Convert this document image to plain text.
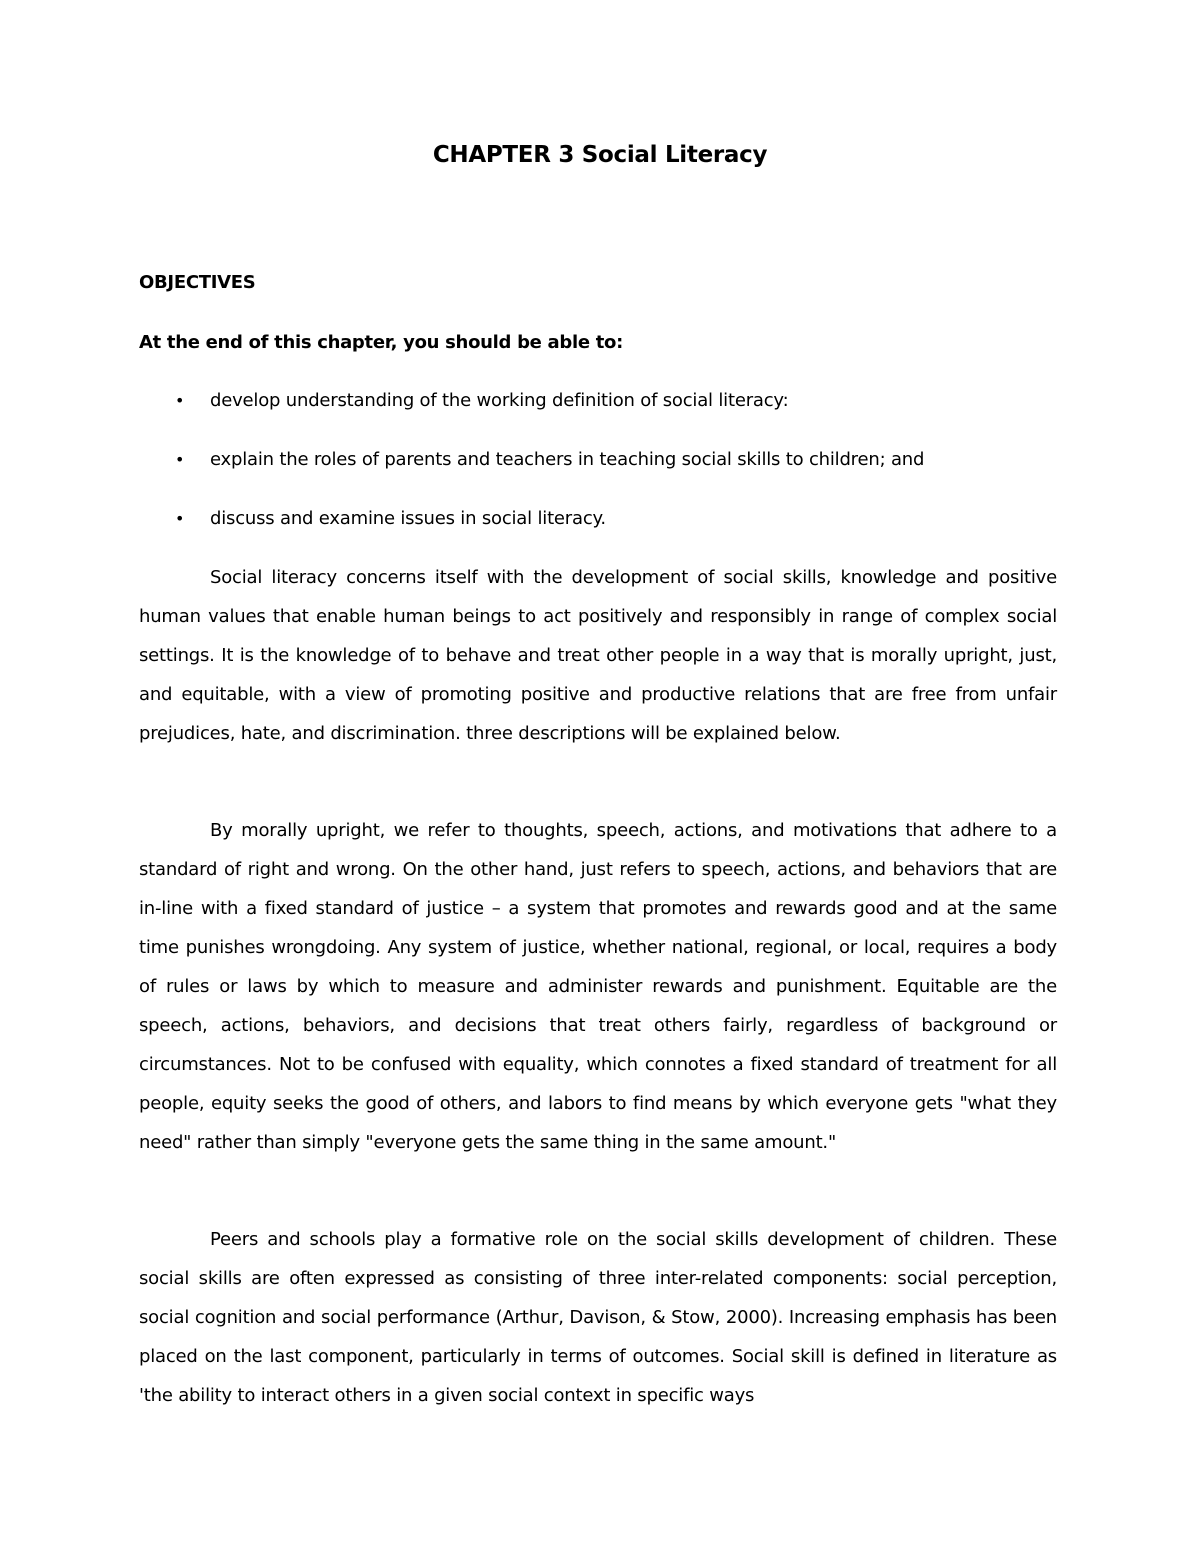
CHAPTER 3 Social Literacy
OBJECTIVES
At the end of this chapter, you should be able to:
• develop understanding of the working definition of social literacy:
• explain the roles of parents and teachers in teaching social skills to children; and
• discuss and examine issues in social literacy.

Social literacy concerns itself with the development of social skills, knowledge and positive human values that enable human beings to act positively and responsibly in range of complex social settings. It is the knowledge of to behave and treat other people in a way that is morally upright, just, and equitable, with a view of promoting positive and productive relations that are free from unfair prejudices, hate, and discrimination. three descriptions will be explained below.

By morally upright, we refer to thoughts, speech, actions, and motivations that adhere to a standard of right and wrong. On the other hand, just refers to speech, actions, and behaviors that are in-line with a fixed standard of justice – a system that promotes and rewards good and at the same time punishes wrongdoing. Any system of justice, whether national, regional, or local, requires a body of rules or laws by which to measure and administer rewards and punishment. Equitable are the speech, actions, behaviors, and decisions that treat others fairly, regardless of background or circumstances. Not to be confused with equality, which connotes a fixed standard of treatment for all people, equity seeks the good of others, and labors to find means by which everyone gets "what they need" rather than simply "everyone gets the same thing in the same amount."

Peers and schools play a formative role on the social skills development of children. These social skills are often expressed as consisting of three inter-related components: social perception, social cognition and social performance (Arthur, Davison, & Stow, 2000). Increasing emphasis has been placed on the last component, particularly in terms of outcomes. Social skill is defined in literature as 'the ability to interact others in a given social context in specific ways
